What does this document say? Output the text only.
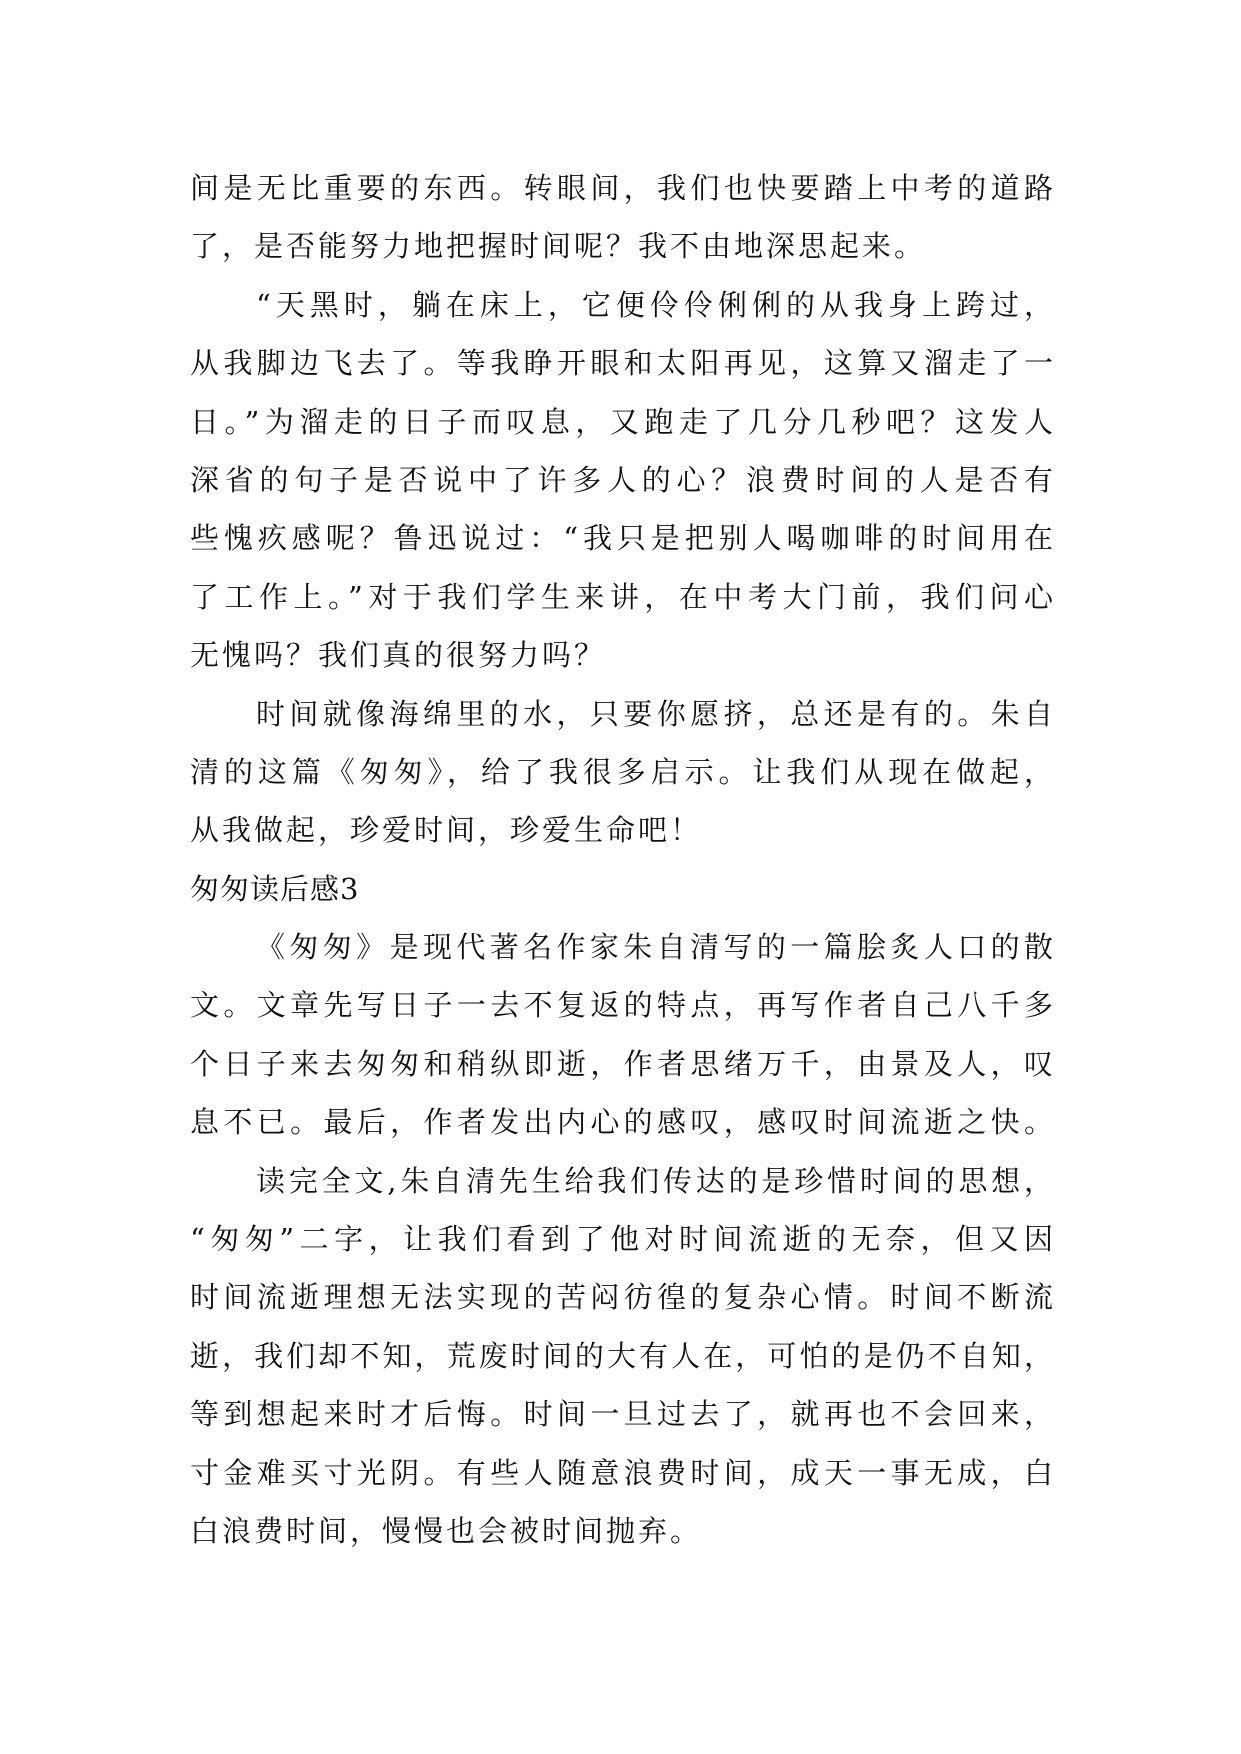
间是无比重要的东西。转眼间，我们也快要踏上中考的道路
了，是否能努力地把握时间呢？我不由地深思起来。
“天黑时，躺在床上，它便伶伶俐俐的从我身上跨过，
从我脚边飞去了。等我睁开眼和太阳再见，这算又溜走了一
日。”为溜走的日子而叹息，又跑走了几分几秒吧？这发人
深省的句子是否说中了许多人的心？浪费时间的人是否有
些愧疚感呢？鲁迅说过：“我只是把别人喝咖啡的时间用在
了工作上。”对于我们学生来讲，在中考大门前，我们问心
无愧吗？我们真的很努力吗？
时间就像海绵里的水，只要你愿挤，总还是有的。朱自
清的这篇《匆匆》，给了我很多启示。让我们从现在做起，
从我做起，珍爱时间，珍爱生命吧！
匆匆读后感3
《匆匆》是现代著名作家朱自清写的一篇脍炙人口的散
文。文章先写日子一去不复返的特点，再写作者自己八千多
个日子来去匆匆和稍纵即逝，作者思绪万千，由景及人，叹
息不已。最后，作者发出内心的感叹，感叹时间流逝之快。
读完全文,朱自清先生给我们传达的是珍惜时间的思想，
“匆匆”二字，让我们看到了他对时间流逝的无奈，但又因
时间流逝理想无法实现的苦闷彷徨的复杂心情。时间不断流
逝，我们却不知，荒废时间的大有人在，可怕的是仍不自知，
等到想起来时才后悔。时间一旦过去了，就再也不会回来，
寸金难买寸光阴。有些人随意浪费时间，成天一事无成，白
白浪费时间，慢慢也会被时间抛弃。
